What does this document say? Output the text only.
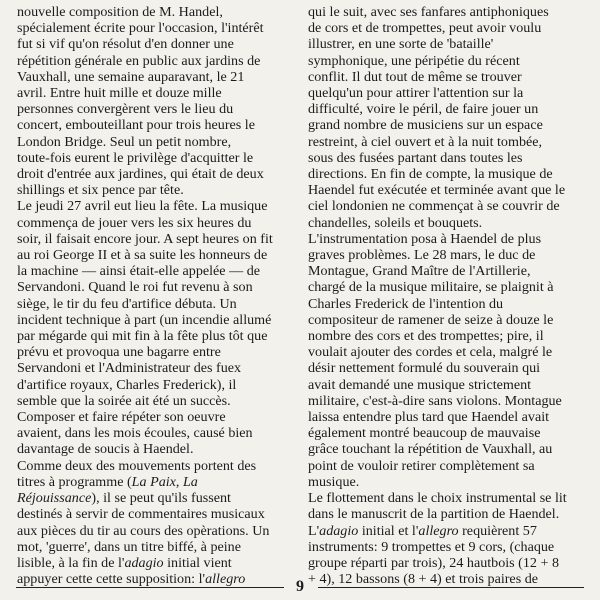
nouvelle composition de M. Handel,
spécialement écrite pour l'occasion, l'intérêt
fut si vif qu'on résolut d'en donner une
répétition générale en public aux jardins de
Vauxhall, une semaine auparavant, le 21
avril. Entre huit mille et douze mille
personnes convergèrent vers le lieu du
concert, embouteillant pour trois heures le
London Bridge. Seul un petit nombre,
toute-fois eurent le privilège d'acquitter le
droit d'entrée aux jardines, qui était de deux
shillings et six pence par tête.
Le jeudi 27 avril eut lieu la fête. La musique
commença de jouer vers les six heures du
soir, il faisait encore jour. A sept heures on fit
au roi George II et à sa suite les honneurs de
la machine — ainsi était-elle appelée — de
Servandoni. Quand le roi fut revenu à son
siège, le tir du feu d'artifice débuta. Un
incident technique à part (un incendie allumé
par mégarde qui mit fin à la fête plus tôt que
prévu et provoqua une bagarre entre
Servandoni et l'Administrateur des fuex
d'artifice royaux, Charles Frederick), il
semble que la soirée ait été un succès.
Composer et faire répéter son oeuvre
avaient, dans les mois écoules, causé bien
davantage de soucis à Haendel.
Comme deux des mouvements portent des
titres à programme (La Paix, La
Réjouissance), il se peut qu'ils fussent
destinés à servir de commentaires musicaux
aux pièces du tir au cours des opèrations. Un
mot, 'guerre', dans un titre biffé, à peine
lisible, à la fin de l'adagio initial vient
appuyer cette cette supposition: l'allegro
qui le suit, avec ses fanfares antiphoniques
de cors et de trompettes, peut avoir voulu
illustrer, en une sorte de 'bataille'
symphonique, une péripétie du récent
conflit. Il dut tout de même se trouver
quelqu'un pour attirer l'attention sur la
difficulté, voire le péril, de faire jouer un
grand nombre de musiciens sur un espace
restreint, à ciel ouvert et à la nuit tombée,
sous des fusées partant dans toutes les
directions. En fin de compte, la musique de
Haendel fut exécutée et terminée avant que le
ciel londonien ne commençat à se couvrir de
chandelles, soleils et bouquets.
L'instrumentation posa à Haendel de plus
graves problèmes. Le 28 mars, le duc de
Montague, Grand Maître de l'Artillerie,
chargé de la musique militaire, se plaignit à
Charles Frederick de l'intention du
compositeur de ramener de seize à douze le
nombre des cors et des trompettes; pire, il
voulait ajouter des cordes et cela, malgré le
désir nettement formulé du souverain qui
avait demandé une musique strictement
militaire, c'est-à-dire sans violons. Montague
laissa entendre plus tard que Haendel avait
également montré beaucoup de mauvaise
grâce touchant la répétition de Vauxhall, au
point de vouloir retirer complètement sa
musique.
Le flottement dans le choix instrumental se lit
dans le manuscrit de la partition de Haendel.
L'adagio initial et l'allegro requièrent 57
instruments: 9 trompettes et 9 cors, (chaque
groupe réparti par trois), 24 hautbois (12 + 8
+ 4), 12 bassons (8 + 4) et trois paires de
9
